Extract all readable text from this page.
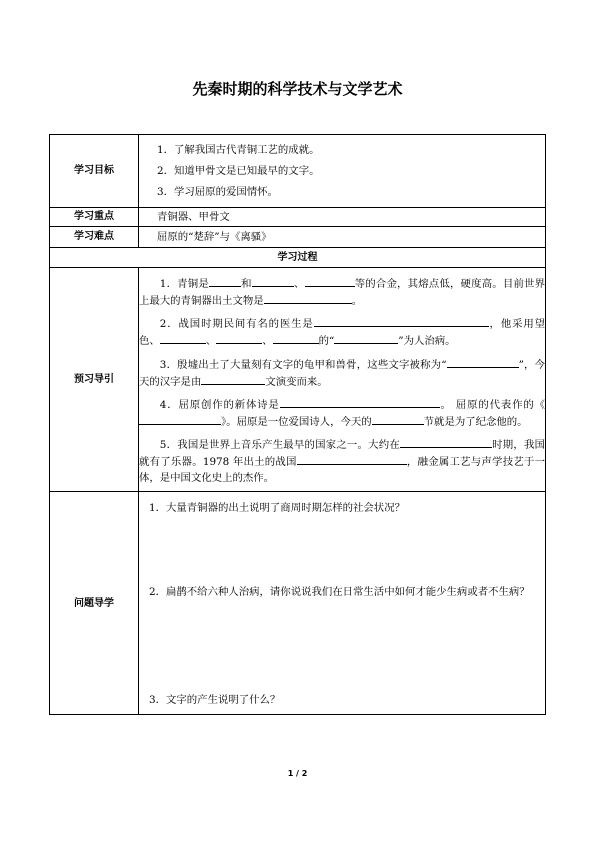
先秦时期的科学技术与文学艺术
学习目标	1．了解我国古代青铜工艺的成就。
2．知道甲骨文是已知最早的文字。
3．学习屈原的爱国情怀。

学习重点	青铜器、甲骨文
学习难点	屈原的“楚辞”与《离骚》
学习过程	
预习导引	1．青铜是 和 、 等的合金，其熔点低，硬度高。目前世界上最大的青铜器出土文物是 。

2．战国时期民间有名的医生是 ，他采用望色、 、 、 的“ ”为人治病。

3．殷墟出土了大量刻有文字的龟甲和兽骨，这些文字被称为“ ”，今天的汉字是由 文演变而来。

4．屈原创作的新体诗是 。 屈原的代表作的《》。屈原是一位爱国诗人，今天的 节就是为了纪念他的。

5．我国是世界上音乐产生最早的国家之一。大约在 时期，我国就有了乐器。1978 年出土的战国 ，融金属工艺与声学技艺于一体，是中国文化史上的杰作。

问题导学	1．大量青铜器的出土说明了商周时期怎样的社会状况？
2．扁鹊不给六种人治病，请你说说我们在日常生活中如何才能少生病或者不生病？
3．文字的产生说明了什么？
1 / 2
